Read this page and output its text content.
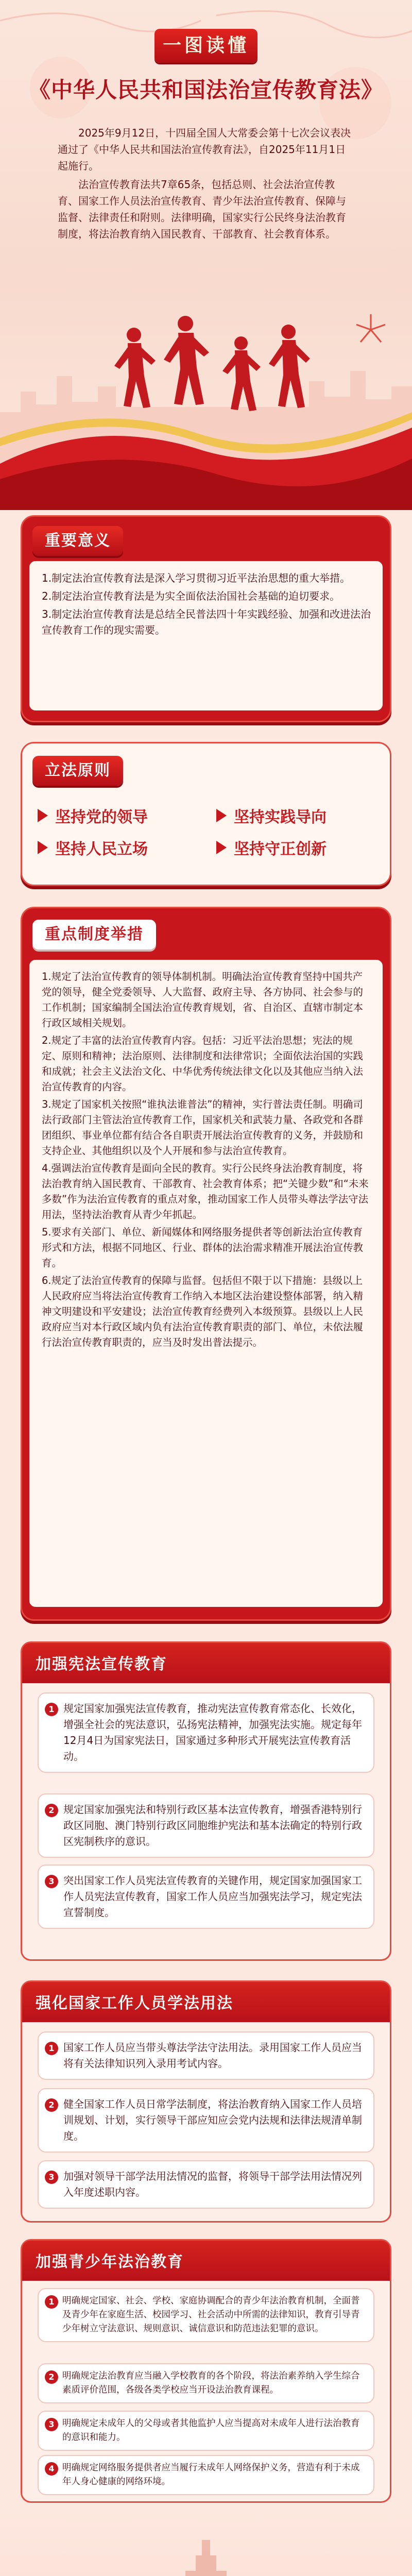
一图读懂
《中华人民共和国法治宣传教育法》

2025年9月12日，十四届全国人大常委会第十七次会议表决通过了《中华人民共和国法治宣传教育法》，自2025年11月1日起施行。

法治宣传教育法共7章65条，包括总则、社会法治宣传教育、国家工作人员法治宣传教育、青少年法治宣传教育、保障与监督、法律责任和附则。法律明确，国家实行公民终身法治教育制度，将法治教育纳入国民教育、干部教育、社会教育体系。

1.制定法治宣传教育法是深入学习贯彻习近平法治思想的重大举措。
2.制定法治宣传教育法是为实全面依法治国社会基础的迫切要求。
3.制定法治宣传教育法是总结全民普法四十年实践经验、加强和改进法治宣传教育工作的现实需要。
重要意义
立法原则
坚持党的领导	坚持实践导向
坚持人民立场	坚持守正创新
重点制度举措
1.规定了法治宣传教育的领导体制机制。明确法治宣传教育坚持中国共产党的领导，健全党委领导、人大监督、政府主导、各方协同、社会参与的工作机制；国家编制全国法治宣传教育规划，省、自治区、直辖市制定本行政区域相关规划。
2.规定了丰富的法治宣传教育内容。包括：习近平法治思想；宪法的规定、原则和精神；法治原则、法律制度和法律常识；全面依法治国的实践和成就；社会主义法治文化、中华优秀传统法律文化以及其他应当纳入法治宣传教育的内容。
3.规定了国家机关按照“谁执法谁普法”的精神，实行普法责任制。明确司法行政部门主管法治宣传教育工作，国家机关和武装力量、各政党和各群团组织、事业单位都有结合各自职责开展法治宣传教育的义务，并鼓励和支持企业、其他组织以及个人开展和参与法治宣传教育。
4.强调法治宣传教育是面向全民的教育。实行公民终身法治教育制度，将法治教育纳入国民教育、干部教育、社会教育体系；把“关键少数”和“未来多数”作为法治宣传教育的重点对象，推动国家工作人员带头尊法学法守法用法，坚持法治教育从青少年抓起。
5.要求有关部门、单位、新闻媒体和网络服务提供者等创新法治宣传教育形式和方法，根据不同地区、行业、群体的法治需求精准开展法治宣传教育。
6.规定了法治宣传教育的保障与监督。包括但不限于以下措施：县级以上人民政府应当将法治宣传教育工作纳入本地区法治建设整体部署，纳入精神文明建设和平安建设；法治宣传教育经费列入本级预算。县级以上人民政府应当对本行政区域内负有法治宣传教育职责的部门、单位，未依法履行法治宣传教育职责的，应当及时发出普法提示。
加强宪法宣传教育
1 规定国家加强宪法宣传教育，推动宪法宣传教育常态化、长效化，增强全社会的宪法意识，弘扬宪法精神，加强宪法实施。规定每年12月4日为国家宪法日，国家通过多种形式开展宪法宣传教育活动。
2 规定国家加强宪法和特别行政区基本法宣传教育，增强香港特别行政区同胞、澳门特别行政区同胞维护宪法和基本法确定的特别行政区宪制秩序的意识。
3 突出国家工作人员宪法宣传教育的关键作用，规定国家加强国家工作人员宪法宣传教育，国家工作人员应当加强宪法学习，规定宪法宣誓制度。
强化国家工作人员学法用法
1 国家工作人员应当带头尊法学法守法用法。录用国家工作人员应当将有关法律知识列入录用考试内容。
2 健全国家工作人员日常学法制度，将法治教育纳入国家工作人员培训规划、计划，实行领导干部应知应会党内法规和法律法规清单制度。
3 加强对领导干部学法用法情况的监督，将领导干部学法用法情况列入年度述职内容。
加强青少年法治教育
1 明确规定国家、社会、学校、家庭协调配合的青少年法治教育机制，全面普及青少年在家庭生活、校园学习、社会活动中所需的法律知识，教育引导青少年树立守法意识、规则意识、诚信意识和防范违法犯罪的意识。
2 明确规定法治教育应当融入学校教育的各个阶段，将法治素养纳入学生综合素质评价范围，各级各类学校应当开设法治教育课程。
3 明确规定未成年人的父母或者其他监护人应当提高对未成年人进行法治教育的意识和能力。
4 明确规定网络服务提供者应当履行未成年人网络保护义务，营造有利于未成年人身心健康的网络环境。
